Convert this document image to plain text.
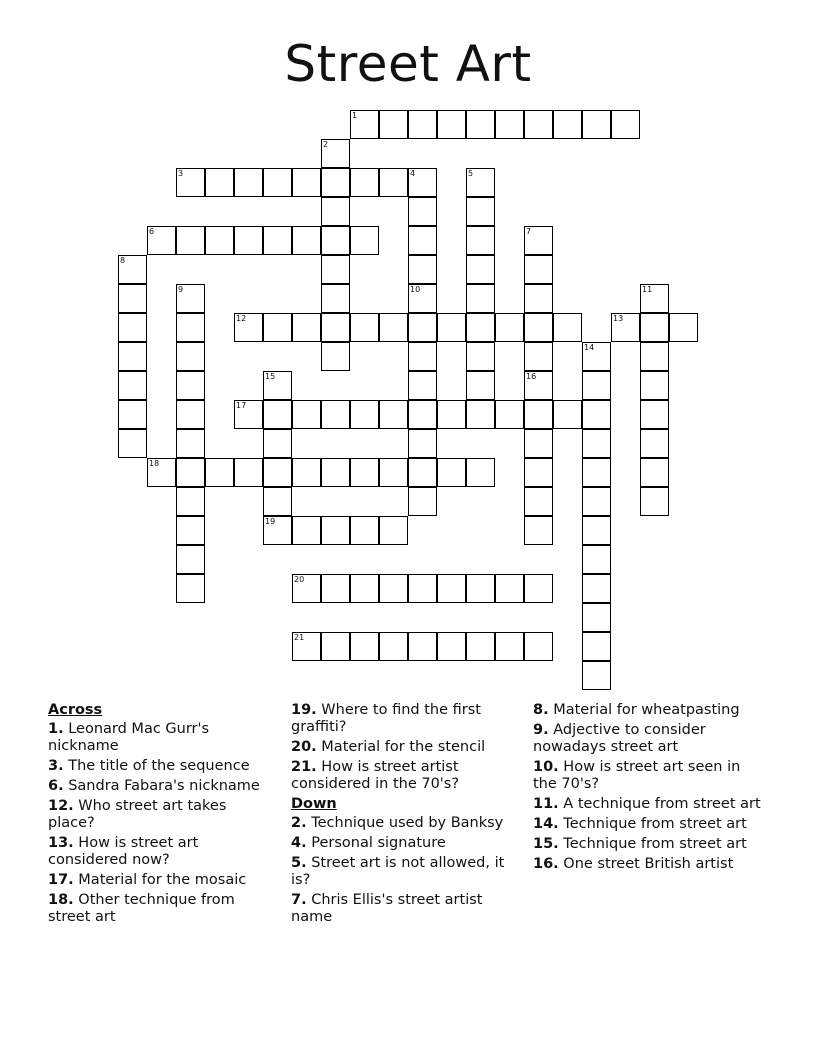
Street Art
1
2
3	4	5
6	7
8
9	10	11
12	13
14
15
19
16
17
18
20
21
Across
1. Leonard Mac Gurr's nickname
3. The title of the sequence
6. Sandra Fabara's nickname
12. Who street art takes place?
13. How is street art considered now?
17. Material for the mosaic
18. Other technique from street art
19. Where to find the first graffiti?
20. Material for the stencil
21. How is street artist considered in the 70's?
Down
2. Technique used by Banksy
4. Personal signature
5. Street art is not allowed, it is?
7. Chris Ellis's street artist name
8. Material for wheatpasting
9. Adjective to consider nowadays street art
10. How is street art seen in the 70's?
11. A technique from street art
14. Technique from street art
15. Technique from street art
16. One street British artist
